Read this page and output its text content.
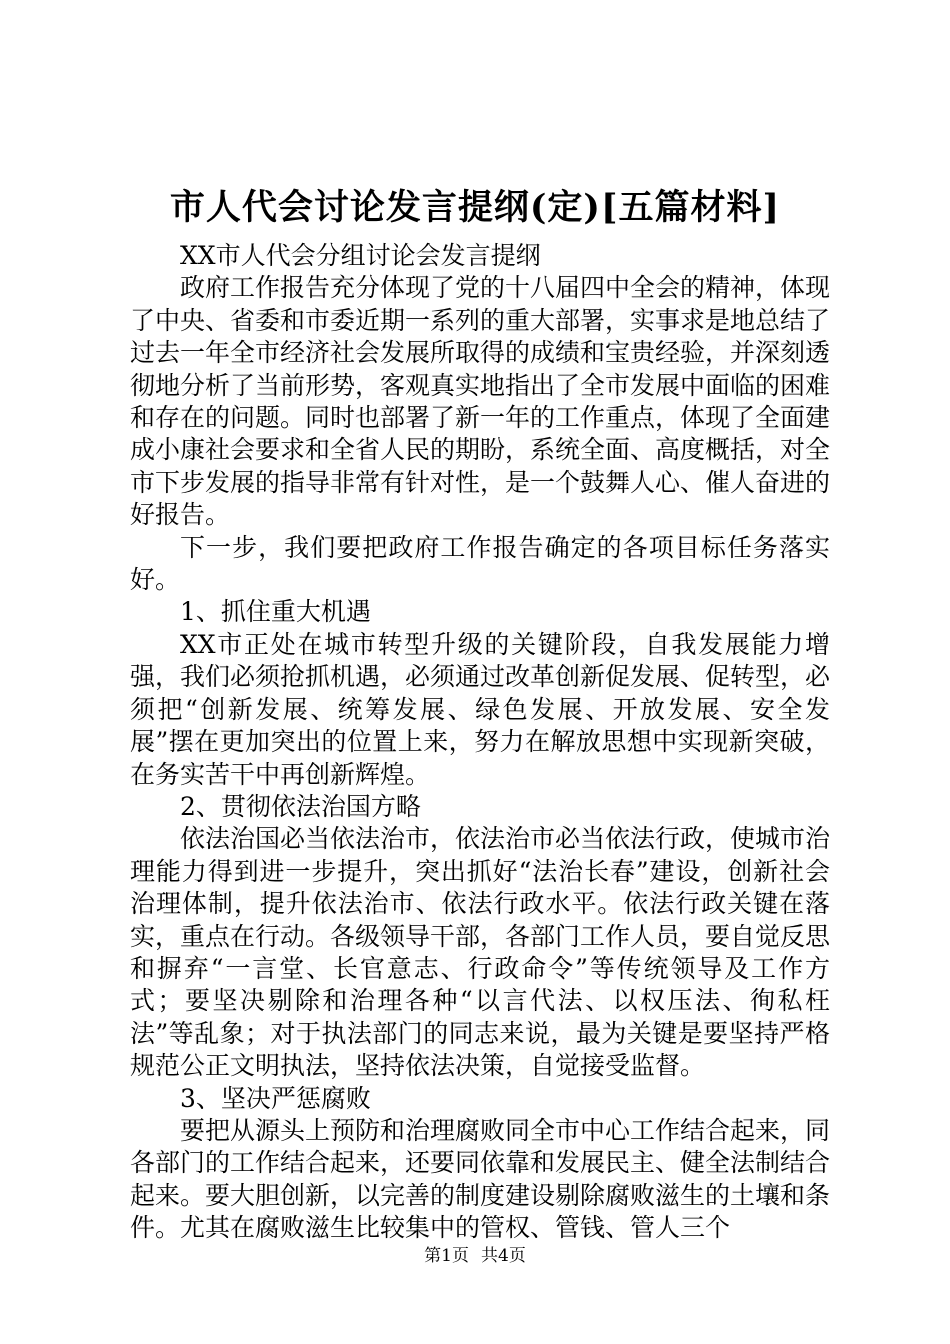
市人代会讨论发言提纲(定)[五篇材料]

XX市人代会分组讨论会发言提纲

政府工作报告充分体现了党的十八届四中全会的精神，体现了中央、省委和市委近期一系列的重大部署，实事求是地总结了过去一年全市经济社会发展所取得的成绩和宝贵经验，并深刻透彻地分析了当前形势，客观真实地指出了全市发展中面临的困难和存在的问题。同时也部署了新一年的工作重点，体现了全面建成小康社会要求和全省人民的期盼，系统全面、高度概括，对全市下步发展的指导非常有针对性，是一个鼓舞人心、催人奋进的好报告。

下一步，我们要把政府工作报告确定的各项目标任务落实好。

1、抓住重大机遇

XX市正处在城市转型升级的关键阶段，自我发展能力增强，我们必须抢抓机遇，必须通过改革创新促发展、促转型，必须把“创新发展、统筹发展、绿色发展、开放发展、安全发展”摆在更加突出的位置上来，努力在解放思想中实现新突破，在务实苦干中再创新辉煌。

2、贯彻依法治国方略

依法治国必当依法治市，依法治市必当依法行政，使城市治理能力得到进一步提升，突出抓好“法治长春”建设，创新社会治理体制，提升依法治市、依法行政水平。依法行政关键在落实，重点在行动。各级领导干部，各部门工作人员，要自觉反思和摒弃“一言堂、长官意志、行政命令”等传统领导及工作方式；要坚决剔除和治理各种“以言代法、以权压法、徇私枉法”等乱象；对于执法部门的同志来说，最为关键是要坚持严格规范公正文明执法，坚持依法决策，自觉接受监督。

3、坚决严惩腐败

要把从源头上预防和治理腐败同全市中心工作结合起来，同各部门的工作结合起来，还要同依靠和发展民主、健全法制结合起来。要大胆创新，以完善的制度建设剔除腐败滋生的土壤和条件。尤其在腐败滋生比较集中的管权、管钱、管人三个

第1页 共4页
